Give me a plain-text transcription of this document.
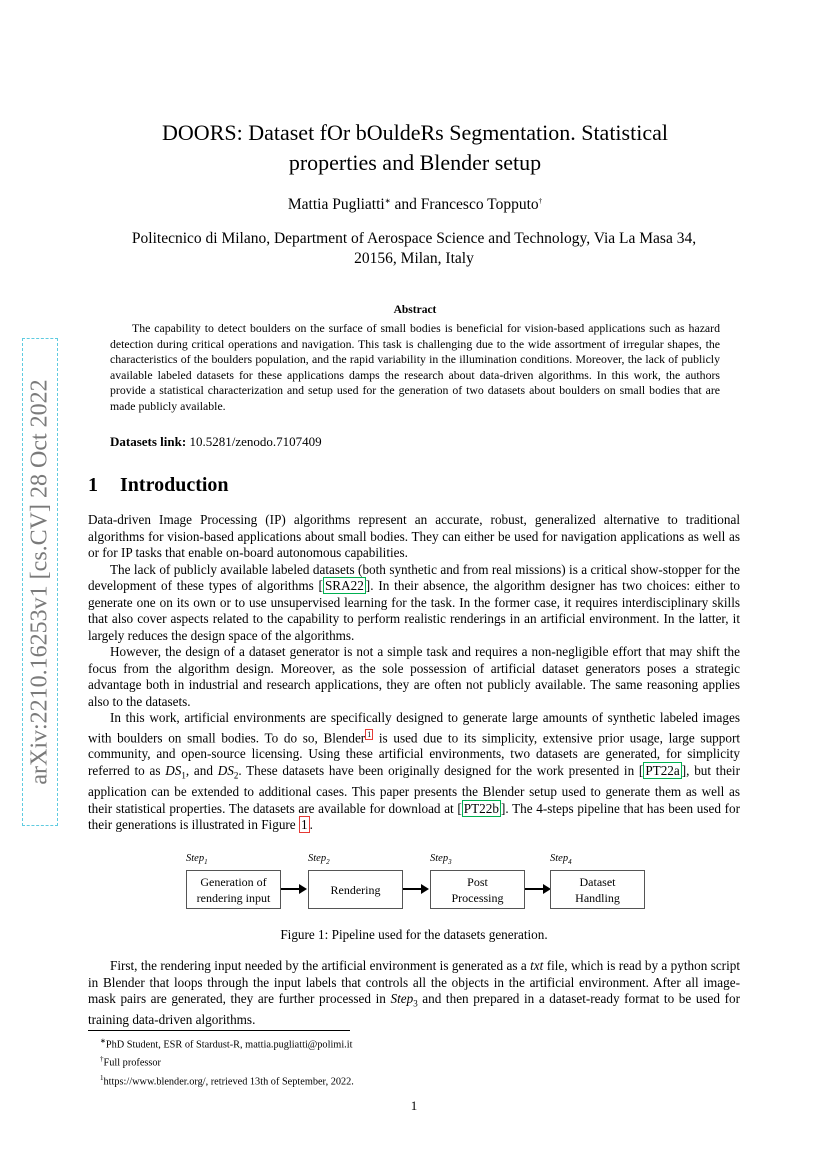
arXiv:2210.16253v1 [cs.CV] 28 Oct 2022
DOORS: Dataset fOr bOuldeRs Segmentation. Statistical
properties and Blender setup
Mattia Pugliatti∗ and Francesco Topputo†
Politecnico di Milano, Department of Aerospace Science and Technology, Via La Masa 34,
20156, Milan, Italy
Abstract
The capability to detect boulders on the surface of small bodies is beneficial for vision-based applications such as hazard detection during critical operations and navigation. This task is challenging due to the wide assortment of irregular shapes, the characteristics of the boulders population, and the rapid variability in the illumination conditions. Moreover, the lack of publicly available labeled datasets for these applications damps the research about data-driven algorithms. In this work, the authors provide a statistical characterization and setup used for the generation of two datasets about boulders on small bodies that are made publicly available.
Datasets link: 10.5281/zenodo.7107409
1 Introduction

Data-driven Image Processing (IP) algorithms represent an accurate, robust, generalized alternative to traditional algorithms for vision-based applications about small bodies. They can either be used for navigation applications as well as or for IP tasks that enable on-board autonomous capabilities.

The lack of publicly available labeled datasets (both synthetic and from real missions) is a critical show-stopper for the development of these types of algorithms [ SRA22 ]. In their absence, the algorithm designer has two choices: either to generate one on its own or to use unsupervised learning for the task. In the former case, it requires interdisciplinary skills that also cover aspects related to the capability to perform realistic renderings in an artificial environment. In the latter, it largely reduces the design space of the algorithms.

However, the design of a dataset generator is not a simple task and requires a non-negligible effort that may shift the focus from the algorithm design. Moreover, as the sole possession of artificial dataset generators poses a strategic advantage both in industrial and research applications, they are often not publicly available. The same reasoning applies also to the datasets.

In this work, artificial environments are specifically designed to generate large amounts of synthetic labeled images with boulders on small bodies. To do so, Blender $^1$ is used due to its simplicity, extensive prior usage, large support community, and open-source licensing. Using these artificial environments, two datasets are generated, for simplicity referred to as $DS_1$, and $DS_2$. These datasets have been originally designed for the work presented in [ PT22a ], but their application can be extended to additional cases. This paper presents the Blender setup used to generate them as well as their statistical properties. The datasets are available for download at [ PT22b ]. The 4-steps pipeline that has been used for their generations is illustrated in Figure 1 .

Step$_1$
Generation of
rendering input
Step$_2$
Rendering
Step$_3$
Post
Processing
Step$_4$
Dataset
Handling
Figure 1: Pipeline used for the datasets generation.
First, the rendering input needed by the artificial environment is generated as a txt file, which is read by a python script in Blender that loops through the input labels that controls all the objects in the artificial environment. After all image-mask pairs are generated, they are further processed in Step$_3$ and then prepared in a dataset-ready format to be used for training data-driven algorithms.
∗PhD Student, ESR of Stardust-R, mattia.pugliatti@polimi.it
†Full professor
$^1$https://www.blender.org/, retrieved 13th of September, 2022.
1
